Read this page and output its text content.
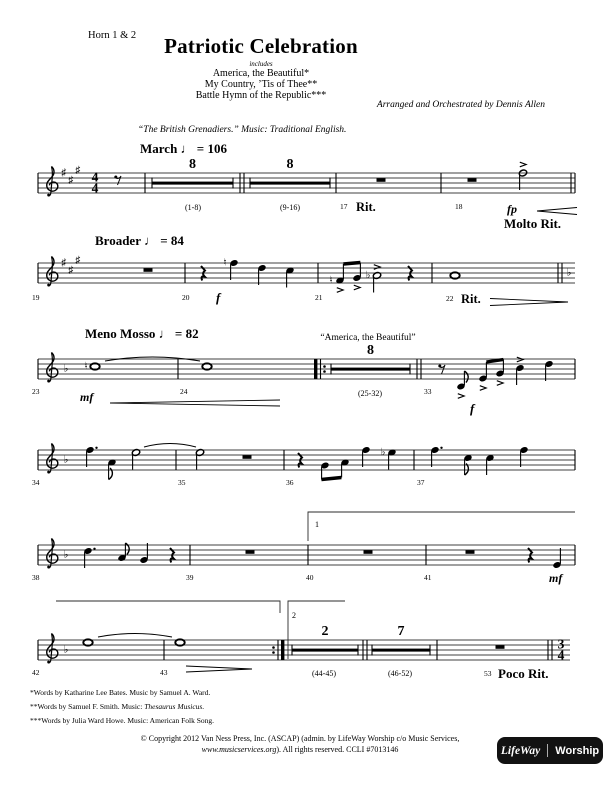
Horn 1 & 2	Patriotic Celebration
includes
America, the Beautiful*
My Country, ’Tis of Thee**
Battle Hymn of the Republic***
Arranged and Orchestrated by Dennis Allen
“The British Grenadiers.” Music: Traditional English.
♯
♯
♯ 4
4
8	8
March ♩ = 106
(1-8)	(9-16)	17 Rit.	18	fp
Molto Rit.
♯
♯
♯	♮
♮	♭	♭
Broader ♩ = 84
19	20 f	21	22 Rit.
♭ ♮
8
Meno Mosso ♩ = 82	“America, the Beautiful”
23	mf	24	(25-32)	33
f
♭
♭
34	35	36	37
♭
38	39	40
1
41	mf
♭
2	7
3
4
42	43
2
(44-45)	(46-52)	53 Poco Rit.
*Words by Katharine Lee Bates. Music by Samuel A. Ward.
**Words by Samuel F. Smith. Music: Thesaurus Musicus.
***Words by Julia Ward Howe. Music: American Folk Song.
© Copyright 2012 Van Ness Press, Inc. (ASCAP) (admin. by LifeWay Worship c/o Music Services,
www.musicservices.org). All rights reserved. CCLI #7013146	LifeWay Worship
